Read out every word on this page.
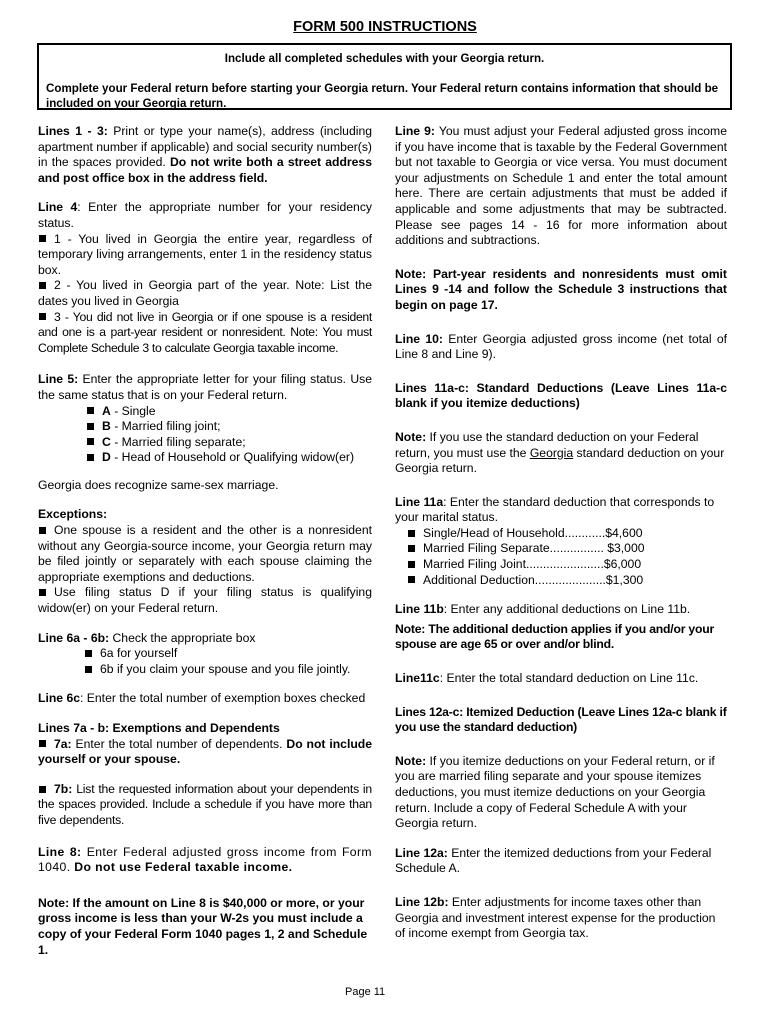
FORM 500 INSTRUCTIONS
Include all completed schedules with your Georgia return.
Complete your Federal return before starting your Georgia return. Your Federal return contains information that should be included on your Georgia return.

Lines 1 - 3: Print or type your name(s), address (including apartment number if applicable) and social security number(s) in the spaces provided. Do not write both a street address and post office box in the address field.

Line 4: Enter the appropriate number for your residency status.

1 - You lived in Georgia the entire year, regardless of temporary living arrangements, enter 1 in the residency status box.

2 - You lived in Georgia part of the year. Note: List the dates you lived in Georgia

3 - You did not live in Georgia or if one spouse is a resident and one is a part-year resident or nonresident. Note: You must Complete Schedule 3 to calculate Georgia taxable income.

Line 5: Enter the appropriate letter for your filing status. Use the same status that is on your Federal return.

A - Single
B - Married filing joint;
C - Married filing separate;
D - Head of Household or Qualifying widow(er)

Georgia does recognize same-sex marriage.

Exceptions:

One spouse is a resident and the other is a nonresident without any Georgia-source income, your Georgia return may be filed jointly or separately with each spouse claiming the appropriate exemptions and deductions.

Use filing status D if your filing status is qualifying widow(er) on your Federal return.

Line 6a - 6b: Check the appropriate box

6a for yourself
6b if you claim your spouse and you file jointly.

Line 6c: Enter the total number of exemption boxes checked

Lines 7a - b: Exemptions and Dependents

7a: Enter the total number of dependents. Do not include yourself or your spouse.

7b: List the requested information about your dependents in the spaces provided. Include a schedule if you have more than five dependents.

Line 8: Enter Federal adjusted gross income from Form 1040. Do not use Federal taxable income.

Note: If the amount on Line 8 is $40,000 or more, or your gross income is less than your W-2s you must include a copy of your Federal Form 1040 pages 1, 2 and Schedule 1.

Line 9: You must adjust your Federal adjusted gross income if you have income that is taxable by the Federal Government but not taxable to Georgia or vice versa. You must document your adjustments on Schedule 1 and enter the total amount here. There are certain adjustments that must be added if applicable and some adjustments that may be subtracted. Please see pages 14 - 16 for more information about additions and subtractions.

Note: Part-year residents and nonresidents must omit Lines 9 -14 and follow the Schedule 3 instructions that begin on page 17.

Line 10: Enter Georgia adjusted gross income (net total of Line 8 and Line 9).

Lines 11a-c: Standard Deductions (Leave Lines 11a-c blank if you itemize deductions)

Note: If you use the standard deduction on your Federal return, you must use the Georgia standard deduction on your Georgia return.

Line 11a: Enter the standard deduction that corresponds to your marital status.

Single/Head of Household............$4,600
Married Filing Separate................ $3,000
Married Filing Joint.......................$6,000
Additional Deduction.....................$1,300

Line 11b: Enter any additional deductions on Line 11b.

Note: The additional deduction applies if you and/or your spouse are age 65 or over and/or blind.

Line11c: Enter the total standard deduction on Line 11c.

Lines 12a-c: Itemized Deduction (Leave Lines 12a-c blank if you use the standard deduction)

Note: If you itemize deductions on your Federal return, or if you are married filing separate and your spouse itemizes deductions, you must itemize deductions on your Georgia return. Include a copy of Federal Schedule A with your Georgia return.

Line 12a: Enter the itemized deductions from your Federal Schedule A.

Line 12b: Enter adjustments for income taxes other than Georgia and investment interest expense for the production of income exempt from Georgia tax.

Page 11
